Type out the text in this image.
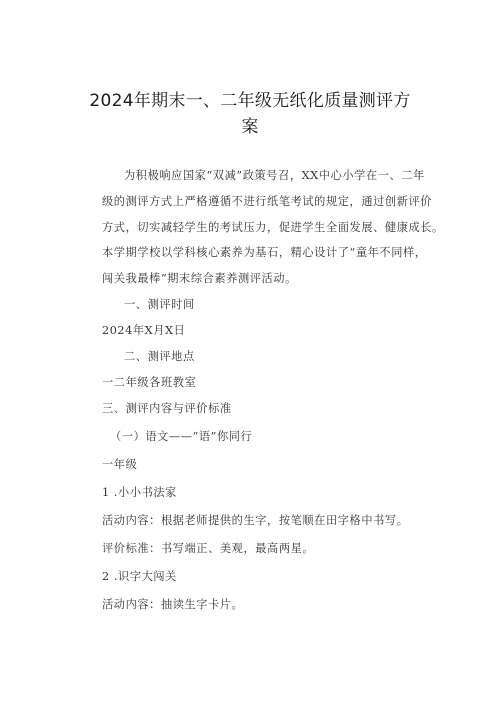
2024年期末一、二年级无纸化质量测评方
案
为积极响应国家“双减”政策号召，XX中心小学在一、二年
级的测评方式上严格遵循不进行纸笔考试的规定，通过创新评价
方式，切实减轻学生的考试压力，促进学生全面发展、健康成长。
本学期学校以学科核心素养为基石，精心设计了“童年不同样，
闯关我最棒”期末综合素养测评活动。
一、测评时间
2024年X月X日
二、测评地点
一二年级各班教室
三、测评内容与评价标准
（一）语文——“语”你同行
一年级
1 .小小书法家
活动内容：根据老师提供的生字，按笔顺在田字格中书写。
评价标准：书写端正、美观，最高两星。
2 .识字大闯关
活动内容：抽读生字卡片。
